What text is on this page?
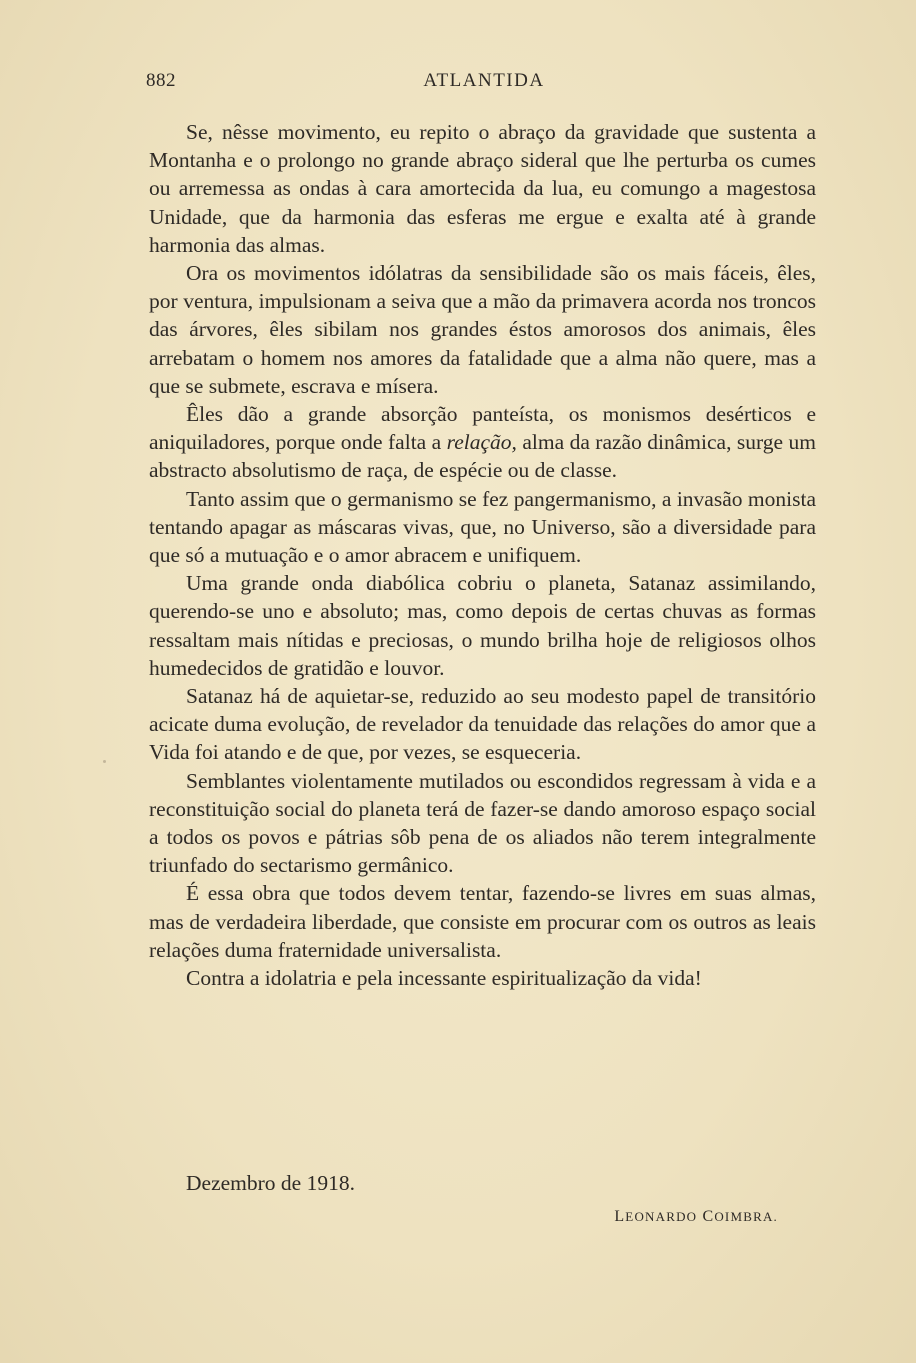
882	ATLANTIDA

Se, nêsse movimento, eu repito o abraço da gravidade que sustenta a Montanha e o prolongo no grande abraço sideral que lhe perturba os cumes ou arremessa as ondas à cara amortecida da lua, eu comungo a magestosa Unidade, que da harmonia das esferas me ergue e exalta até à grande harmonia das almas.

Ora os movimentos idólatras da sensibilidade são os mais fáceis, êles, por ventura, impulsionam a seiva que a mão da primavera acorda nos troncos das árvores, êles sibilam nos grandes éstos amorosos dos animais, êles arrebatam o homem nos amores da fatalidade que a alma não quere, mas a que se submete, escrava e mísera.

Êles dão a grande absorção panteísta, os monismos desérticos e aniquiladores, porque onde falta a relação, alma da razão dinâmica, surge um abstracto absolutismo de raça, de espécie ou de classe.

Tanto assim que o germanismo se fez pangermanismo, a invasão monista tentando apagar as máscaras vivas, que, no Universo, são a diversidade para que só a mutuação e o amor abracem e unifiquem.

Uma grande onda diabólica cobriu o planeta, Satanaz assimilando, querendo-se uno e absoluto; mas, como depois de certas chuvas as formas ressaltam mais nítidas e preciosas, o mundo brilha hoje de religiosos olhos humedecidos de gratidão e louvor.

Satanaz há de aquietar-se, reduzido ao seu modesto papel de transitório acicate duma evolução, de revelador da tenuidade das relações do amor que a Vida foi atando e de que, por vezes, se esqueceria.

Semblantes violentamente mutilados ou escondidos regressam à vida e a reconstituição social do planeta terá de fazer-se dando amoroso espaço social a todos os povos e pátrias sôb pena de os aliados não terem integralmente triunfado do sectarismo germânico.

É essa obra que todos devem tentar, fazendo-se livres em suas almas, mas de verdadeira liberdade, que consiste em procurar com os outros as leais relações duma fraternidade universalista.

Contra a idolatria e pela incessante espiritualização da vida!

Dezembro de 1918.
LEONARDO COIMBRA.
